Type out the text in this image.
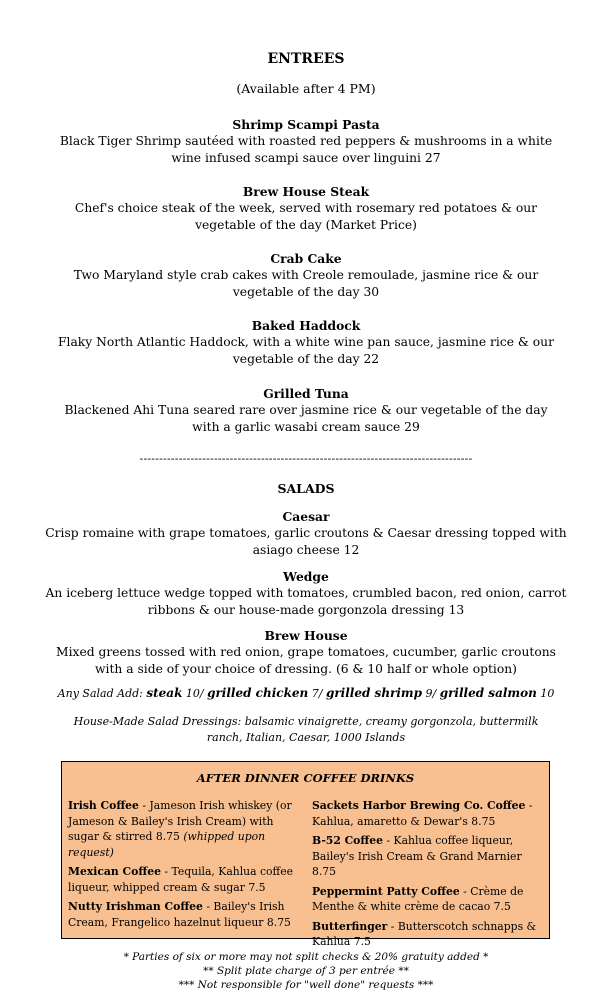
ENTREES
(Available after 4 PM)
Shrimp Scampi Pasta
Black Tiger Shrimp sautéed with roasted red peppers & mushrooms in a white
wine infused scampi sauce over linguini 27
Brew House Steak
Chef's choice steak of the week, served with rosemary red potatoes & our
vegetable of the day (Market Price)
Crab Cake
Two Maryland style crab cakes with Creole remoulade, jasmine rice & our
vegetable of the day 30
Baked Haddock
Flaky North Atlantic Haddock, with a white wine pan sauce, jasmine rice & our
vegetable of the day 22
Grilled Tuna
Blackened Ahi Tuna seared rare over jasmine rice & our vegetable of the day
with a garlic wasabi cream sauce 29
-------------------------------------------------------------------------------------
SALADS
Caesar
Crisp romaine with grape tomatoes, garlic croutons & Caesar dressing topped with
asiago cheese 12
Wedge
An iceberg lettuce wedge topped with tomatoes, crumbled bacon, red onion, carrot
ribbons & our house-made gorgonzola dressing 13
Brew House
Mixed greens tossed with red onion, grape tomatoes, cucumber, garlic croutons
with a side of your choice of dressing. (6 & 10 half or whole option)
Any Salad Add: steak 10/ grilled chicken 7/ grilled shrimp 9/ grilled salmon 10
House-Made Salad Dressings: balsamic vinaigrette, creamy gorgonzola, buttermilk
ranch, Italian, Caesar, 1000 Islands
AFTER DINNER COFFEE DRINKS
Irish Coffee - Jameson Irish whiskey (or Jameson & Bailey's Irish Cream) with sugar & stirred 8.75 (whipped upon request)
Mexican Coffee - Tequila, Kahlua coffee liqueur, whipped cream & sugar 7.5
Nutty Irishman Coffee - Bailey's Irish Cream, Frangelico hazelnut liqueur 8.75
Sackets Harbor Brewing Co. Coffee - Kahlua, amaretto & Dewar's 8.75
B-52 Coffee - Kahlua coffee liqueur, Bailey's Irish Cream & Grand Marnier 8.75
Peppermint Patty Coffee - Crème de Menthe & white crème de cacao 7.5
Butterfinger - Butterscotch schnapps & Kahlua 7.5
* Parties of six or more may not split checks & 20% gratuity added *
** Split plate charge of 3 per entrée **
*** Not responsible for "well done" requests ***
